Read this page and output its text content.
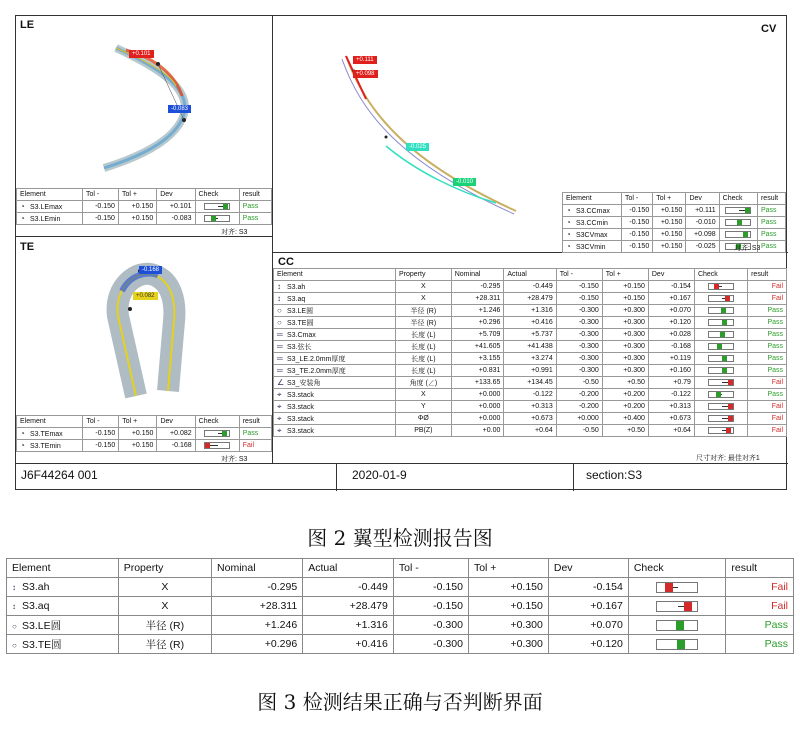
LE
+0.101
-0.083
Element	Tol -	Tol +	Dev	Check	result
◔ S3.LEmax	-0.150	+0.150	+0.101		Pass
◔ S3.LEmin	-0.150	+0.150	-0.083		Pass
对齐: S3
TE
-0.168
+0.082
Element	Tol -	Tol +	Dev	Check	result
◔ S3.TEmax	-0.150	+0.150	+0.082		Pass
◔ S3.TEmin	-0.150	+0.150	-0.168		Fail
对齐: S3
CV
+0.111
+0.098
-0.025
-0.010
Element	Tol -	Tol +	Dev	Check	result
◔ S3.CCmax	-0.150	+0.150	+0.111		Pass
◔ S3.CCmin	-0.150	+0.150	-0.010		Pass
◔ S3CVmax	-0.150	+0.150	+0.098		Pass
◔ S3CVmin	-0.150	+0.150	-0.025		Pass
对齐: S3
CC
Element	Property	Nominal	Actual	Tol -	Tol +	Dev	Check	result
↕ S3.ah	X	-0.295	-0.449	-0.150	+0.150	-0.154		Fail
↕ S3.aq	X	+28.311	+28.479	-0.150	+0.150	+0.167		Fail
○ S3.LE圆	半径 (R)	+1.246	+1.316	-0.300	+0.300	+0.070		Pass
○ S3.TE圆	半径 (R)	+0.296	+0.416	-0.300	+0.300	+0.120		Pass
═ S3.Cmax	长度 (L)	+5.709	+5.737	-0.300	+0.300	+0.028		Pass
═ S3.弦长	长度 (L)	+41.605	+41.438	-0.300	+0.300	-0.168		Pass
═ S3_LE.2.0mm厚度	长度 (L)	+3.155	+3.274	-0.300	+0.300	+0.119		Pass
═ S3_TE.2.0mm厚度	长度 (L)	+0.831	+0.991	-0.300	+0.300	+0.160		Pass
∠ S3_安装角	角度 (∠)	+133.65	+134.45	-0.50	+0.50	+0.79		Fail
⌖ S3.stack	X	+0.000	-0.122	-0.200	+0.200	-0.122		Pass
⌖ S3.stack	Y	+0.000	+0.313	-0.200	+0.200	+0.313		Fail
⌖ S3.stack	ΦØ	+0.000	+0.673	+0.000	+0.400	+0.673		Fail
⌖ S3.stack	PB(Z)	+0.00	+0.64	-0.50	+0.50	+0.64		Fail
尺寸对齐: 最佳对齐1
J6F44264 001	2020-01-9	section:S3
图 2 翼型检测报告图
Element	Property	Nominal	Actual	Tol -	Tol +	Dev	Check	result
↕ S3.ah	X	-0.295	-0.449	-0.150	+0.150	-0.154		Fail
↕ S3.aq	X	+28.311	+28.479	-0.150	+0.150	+0.167		Fail
○ S3.LE圆	半径 (R)	+1.246	+1.316	-0.300	+0.300	+0.070		Pass
○ S3.TE圆	半径 (R)	+0.296	+0.416	-0.300	+0.300	+0.120		Pass
图 3 检测结果正确与否判断界面
